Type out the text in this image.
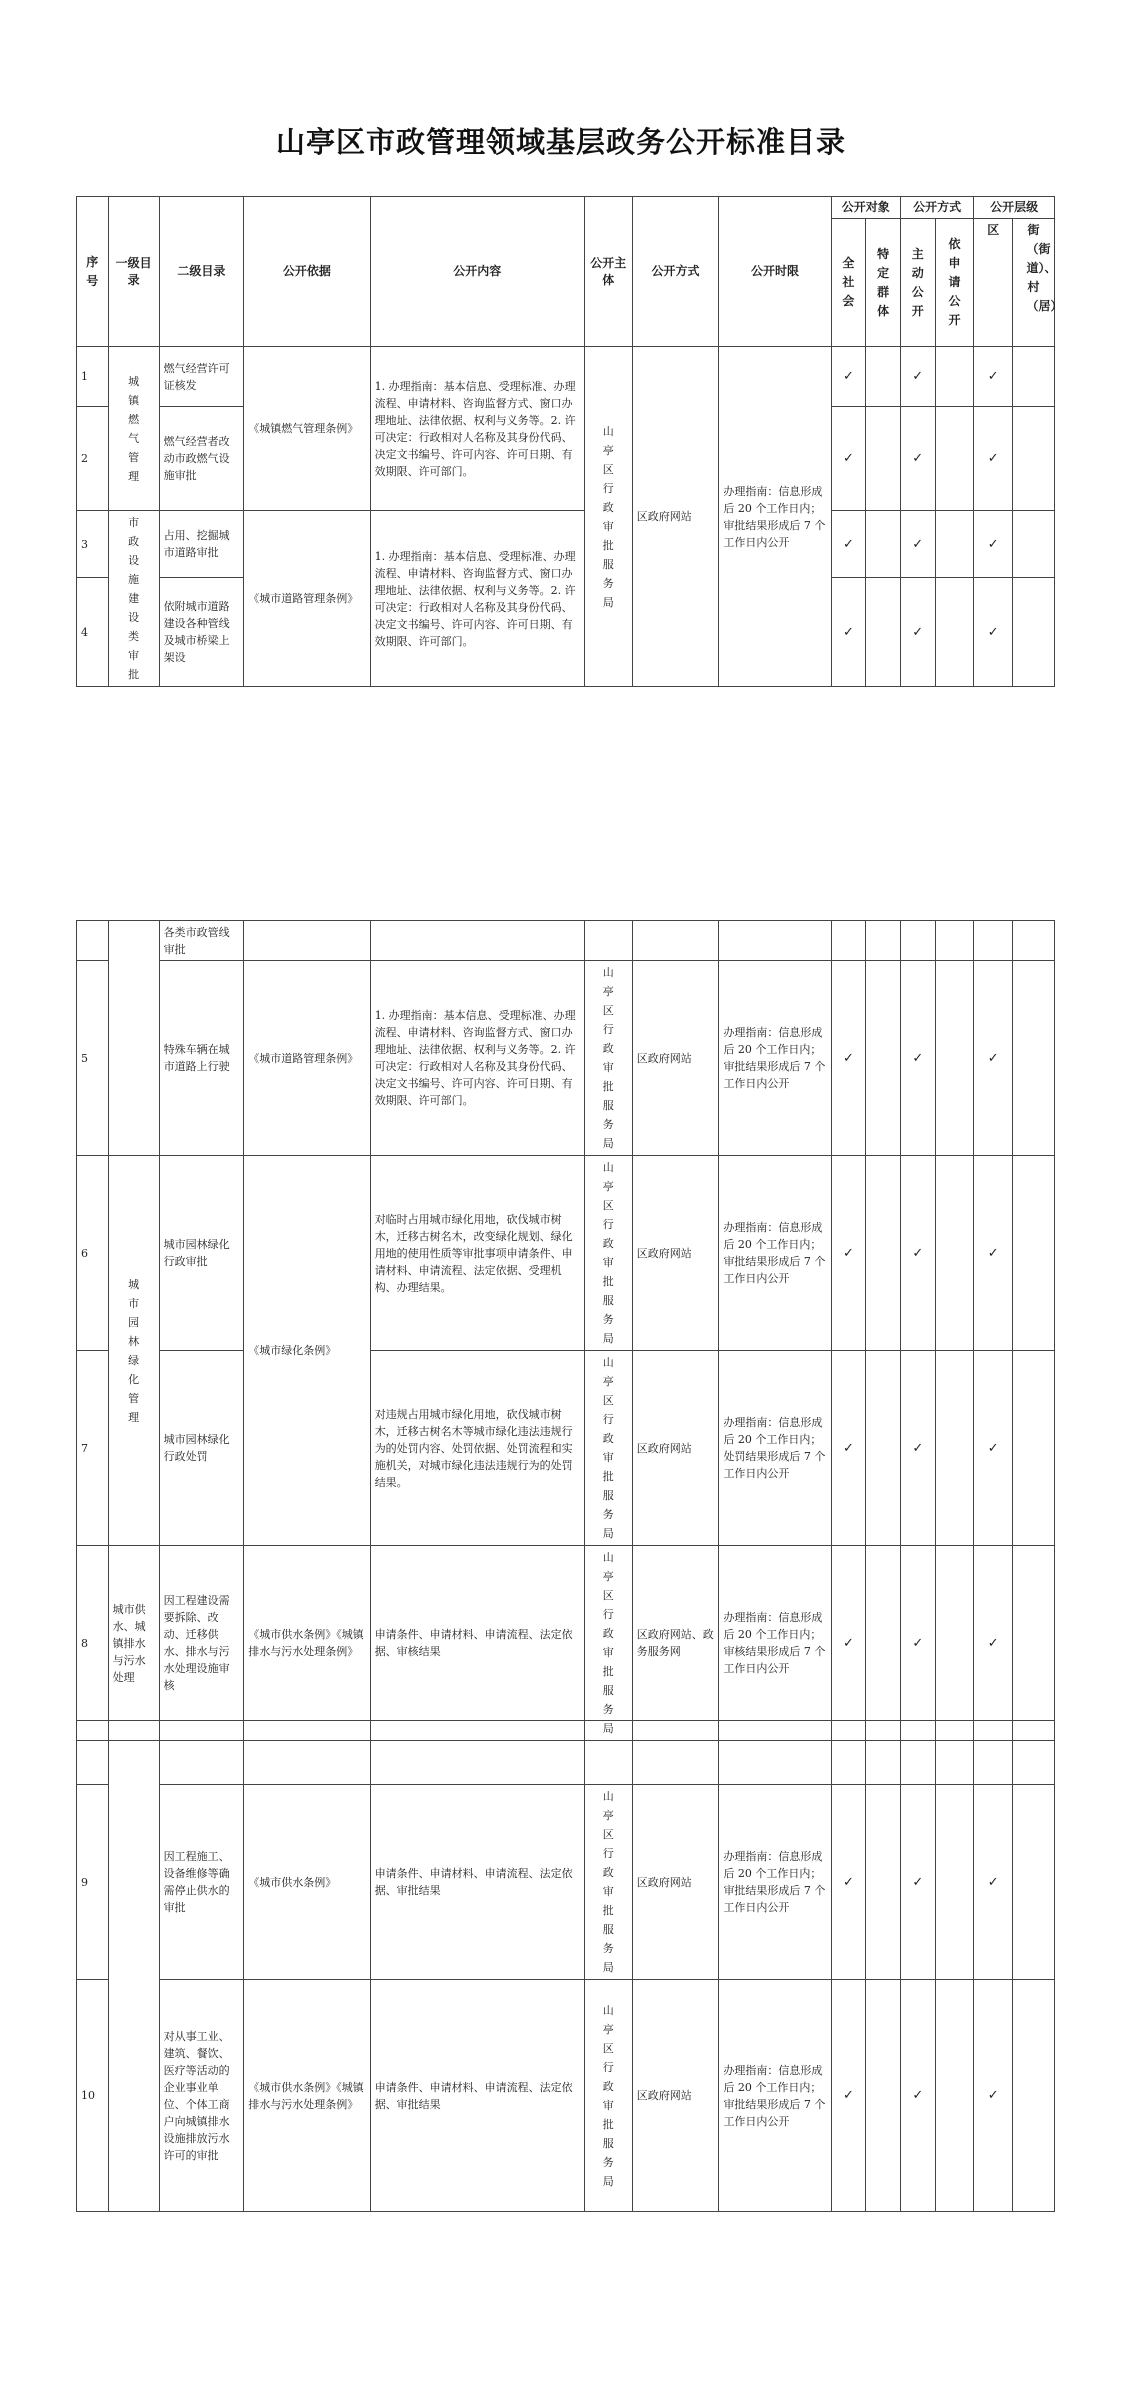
山亭区市政管理领域基层政务公开标准目录
序号	一级目录	二级目录	公开依据	公开内容	公开主体	公开方式	公开时限	公开对象		公开方式		公开层级	

								全社会	特定群体	主动公开	依申请公开	区	街（街道）、村（居）

1	城镇燃气管理	燃气经营许可证核发	《城镇燃气管理条例》	1. 办理指南：基本信息、受理标准、办理流程、申请材料、咨询监督方式、窗口办理地址、法律依据、权利与义务等。2. 许可决定：行政相对人名称及其身份代码、决定文书编号、许可内容、许可日期、有效期限、许可部门。	山亭区行政审批服务局	区政府网站	办理指南：信息形成后 20 个工作日内；审批结果形成后 7 个工作日内公开	✓		✓		✓	
2		燃气经营者改动市政燃气设施审批						✓		✓		✓	
3	市政设施建设类审批	占用、挖掘城市道路审批	《城市道路管理条例》	1. 办理指南：基本信息、受理标准、办理流程、申请材料、咨询监督方式、窗口办理地址、法律依据、权利与义务等。2. 许可决定：行政相对人名称及其身份代码、决定文书编号、许可内容、许可日期、有效期限、许可部门。				✓		✓		✓	
4		依附城市道路建设各种管线及城市桥梁上架设						✓		✓		✓	
		各类市政管线审批											
5		特殊车辆在城市道路上行驶	《城市道路管理条例》	1. 办理指南：基本信息、受理标准、办理流程、申请材料、咨询监督方式、窗口办理地址、法律依据、权利与义务等。2. 许可决定：行政相对人名称及其身份代码、决定文书编号、许可内容、许可日期、有效期限、许可部门。	山亭区行政审批服务局	区政府网站	办理指南：信息形成后 20 个工作日内；审批结果形成后 7 个工作日内公开	✓		✓		✓	
6	城市园林绿化管理	城市园林绿化行政审批	《城市绿化条例》	对临时占用城市绿化用地，砍伐城市树木，迁移古树名木，改变绿化规划、绿化用地的使用性质等审批事项申请条件、申请材料、申请流程、法定依据、受理机构、办理结果。	山亭区行政审批服务局	区政府网站	办理指南：信息形成后 20 个工作日内；审批结果形成后 7 个工作日内公开	✓		✓		✓	
7		城市园林绿化行政处罚		对违规占用城市绿化用地，砍伐城市树木，迁移古树名木等城市绿化违法违规行为的处罚内容、处罚依据、处罚流程和实施机关，对城市绿化违法违规行为的处罚结果。	山亭区行政审批服务局	区政府网站	办理指南：信息形成后 20 个工作日内；处罚结果形成后 7 个工作日内公开	✓		✓		✓	
8	城市供水、城镇排水与污水处理	因工程建设需要拆除、改动、迁移供水、排水与污水处理设施审核	《城市供水条例》《城镇排水与污水处理条例》	申请条件、申请材料、申请流程、法定依据、审核结果	山亭区行政审批服务局	区政府网站、政务服务网	办理指南：信息形成后 20 个工作日内；审核结果形成后 7 个工作日内公开	✓		✓		✓	

9		因工程施工、设备维修等确需停止供水的审批	《城市供水条例》	申请条件、申请材料、申请流程、法定依据、审批结果	山亭区行政审批服务局	区政府网站	办理指南：信息形成后 20 个工作日内；审批结果形成后 7 个工作日内公开	✓		✓		✓	
10		对从事工业、建筑、餐饮、医疗等活动的企业事业单位、个体工商户向城镇排水设施排放污水许可的审批	《城市供水条例》《城镇排水与污水处理条例》	申请条件、申请材料、申请流程、法定依据、审批结果	山亭区行政审批服务局	区政府网站	办理指南：信息形成后 20 个工作日内；审批结果形成后 7 个工作日内公开	✓		✓		✓	
